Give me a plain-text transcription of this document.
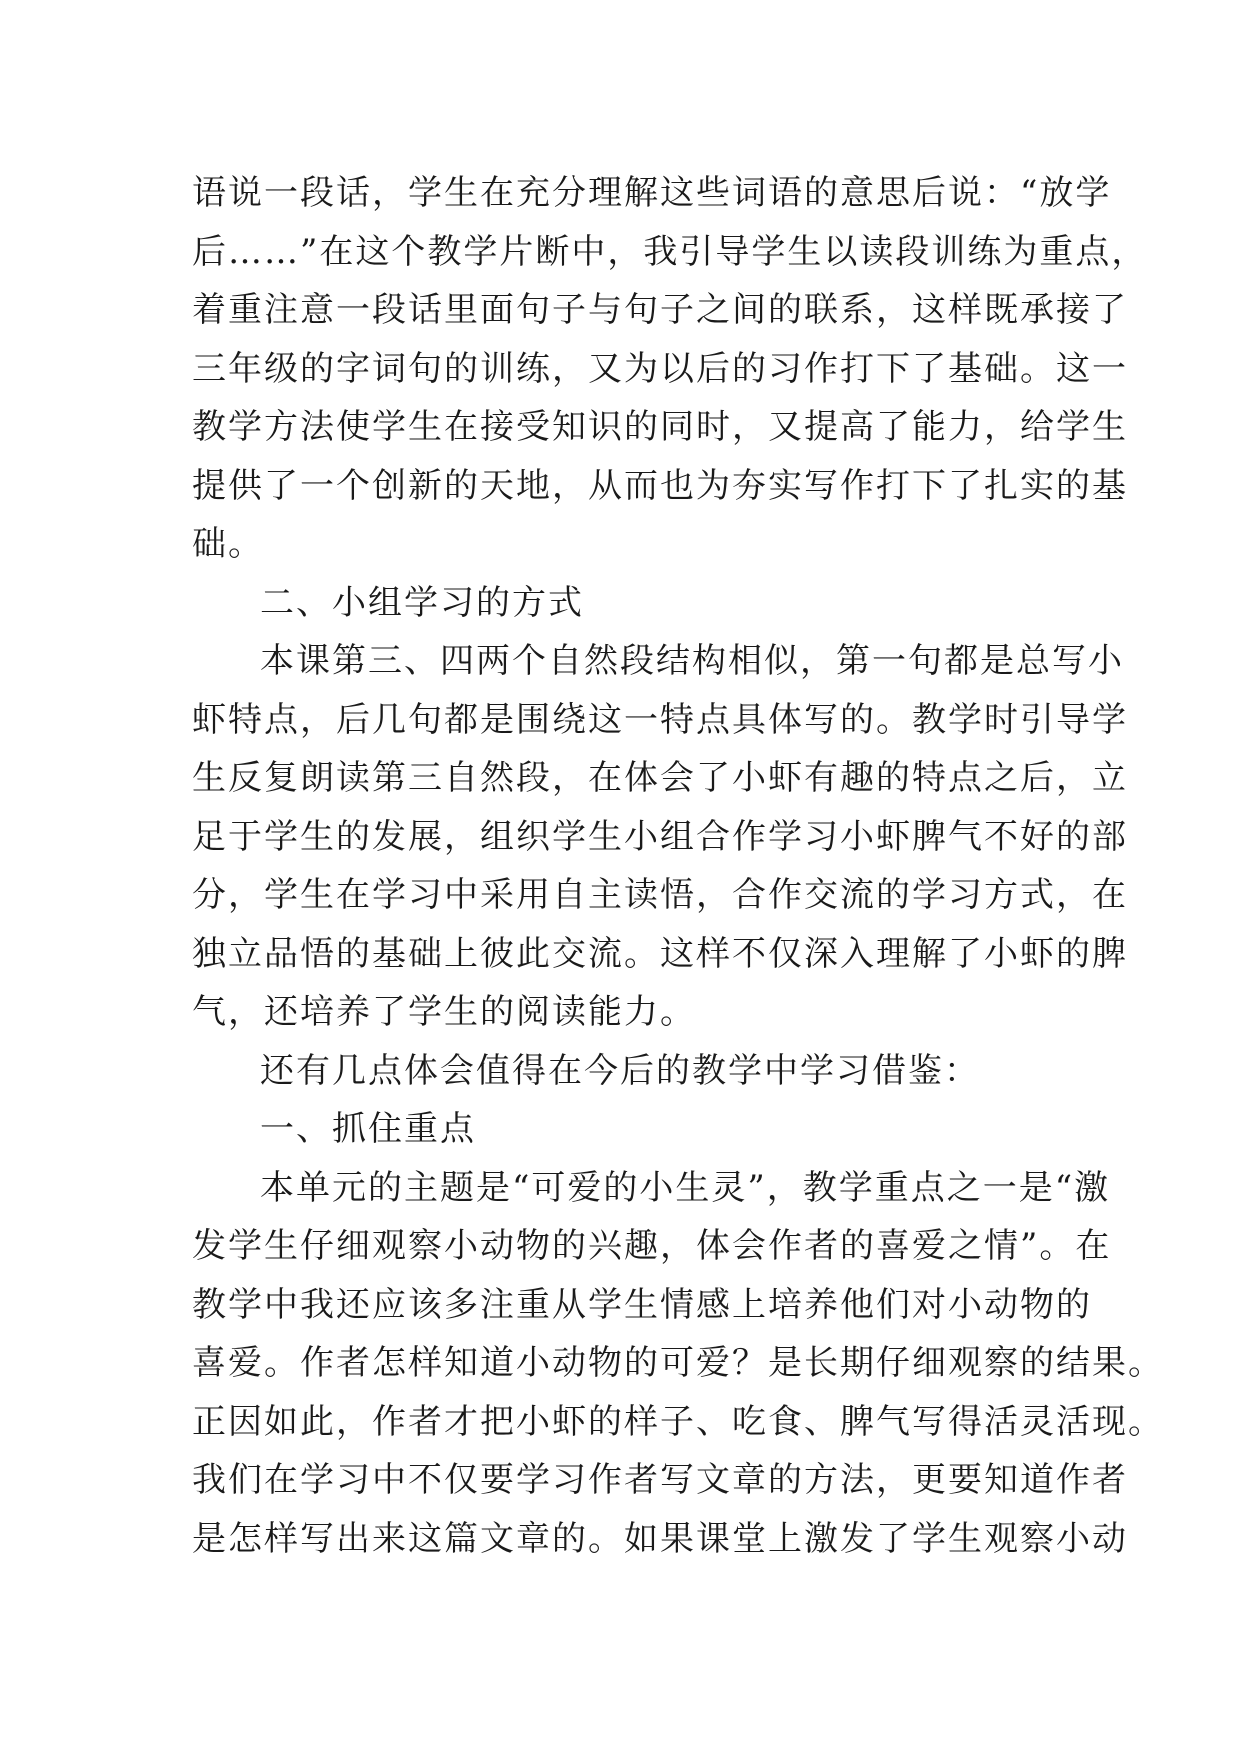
语说一段话，学生在充分理解这些词语的意思后说：“放学
后……”在这个教学片断中，我引导学生以读段训练为重点，
着重注意一段话里面句子与句子之间的联系，这样既承接了
三年级的字词句的训练，又为以后的习作打下了基础。这一
教学方法使学生在接受知识的同时，又提高了能力，给学生
提供了一个创新的天地，从而也为夯实写作打下了扎实的基
础。

二、小组学习的方式

本课第三、四两个自然段结构相似，第一句都是总写小
虾特点，后几句都是围绕这一特点具体写的。教学时引导学
生反复朗读第三自然段，在体会了小虾有趣的特点之后，立
足于学生的发展，组织学生小组合作学习小虾脾气不好的部
分，学生在学习中采用自主读悟，合作交流的学习方式，在
独立品悟的基础上彼此交流。这样不仅深入理解了小虾的脾
气，还培养了学生的阅读能力。

还有几点体会值得在今后的教学中学习借鉴：

一、抓住重点

本单元的主题是“可爱的小生灵”，教学重点之一是“激
发学生仔细观察小动物的兴趣，体会作者的喜爱之情”。在
教学中我还应该多注重从学生情感上培养他们对小动物的
喜爱。作者怎样知道小动物的可爱？是长期仔细观察的结果。
正因如此，作者才把小虾的样子、吃食、脾气写得活灵活现。
我们在学习中不仅要学习作者写文章的方法，更要知道作者
是怎样写出来这篇文章的。如果课堂上激发了学生观察小动
